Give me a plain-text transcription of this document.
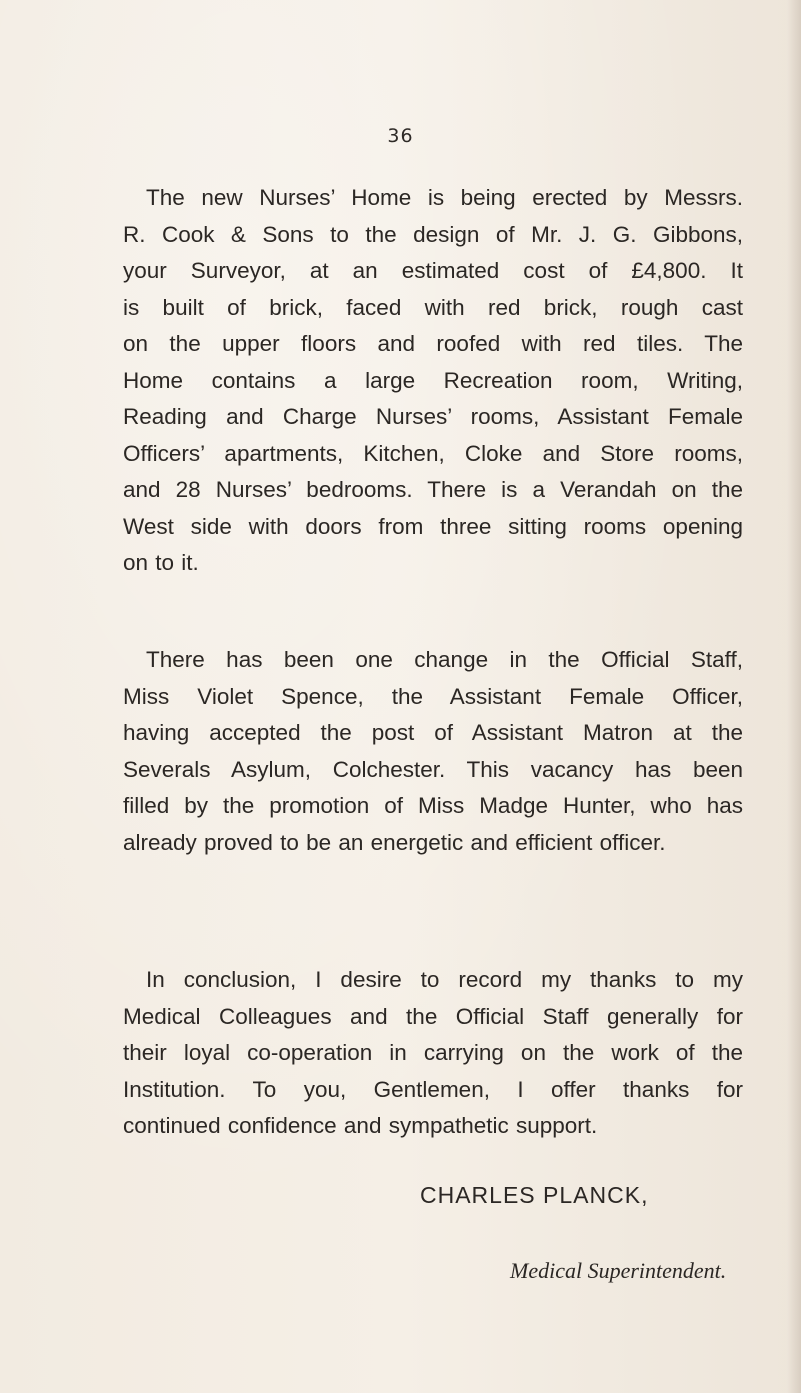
36
The new Nurses’ Home is being erected by Messrs.
R. Cook & Sons to the design of Mr. J. G. Gibbons,
your Surveyor, at an estimated cost of £4,800. It
is built of brick, faced with red brick, rough cast
on the upper floors and roofed with red tiles. The
Home contains a large Recreation room, Writing,
Reading and Charge Nurses’ rooms, Assistant Female
Officers’ apartments, Kitchen, Cloke and Store rooms,
and 28 Nurses’ bedrooms. There is a Verandah on the
West side with doors from three sitting rooms opening
on to it.
There has been one change in the Official Staff,
Miss Violet Spence, the Assistant Female Officer,
having accepted the post of Assistant Matron at the
Severals Asylum, Colchester. This vacancy has been
filled by the promotion of Miss Madge Hunter, who has
already proved to be an energetic and efficient officer.
In conclusion, I desire to record my thanks to my
Medical Colleagues and the Official Staff generally for
their loyal co-operation in carrying on the work of the
Institution. To you, Gentlemen, I offer thanks for
continued confidence and sympathetic support.
CHARLES PLANCK,
Medical Superintendent.
